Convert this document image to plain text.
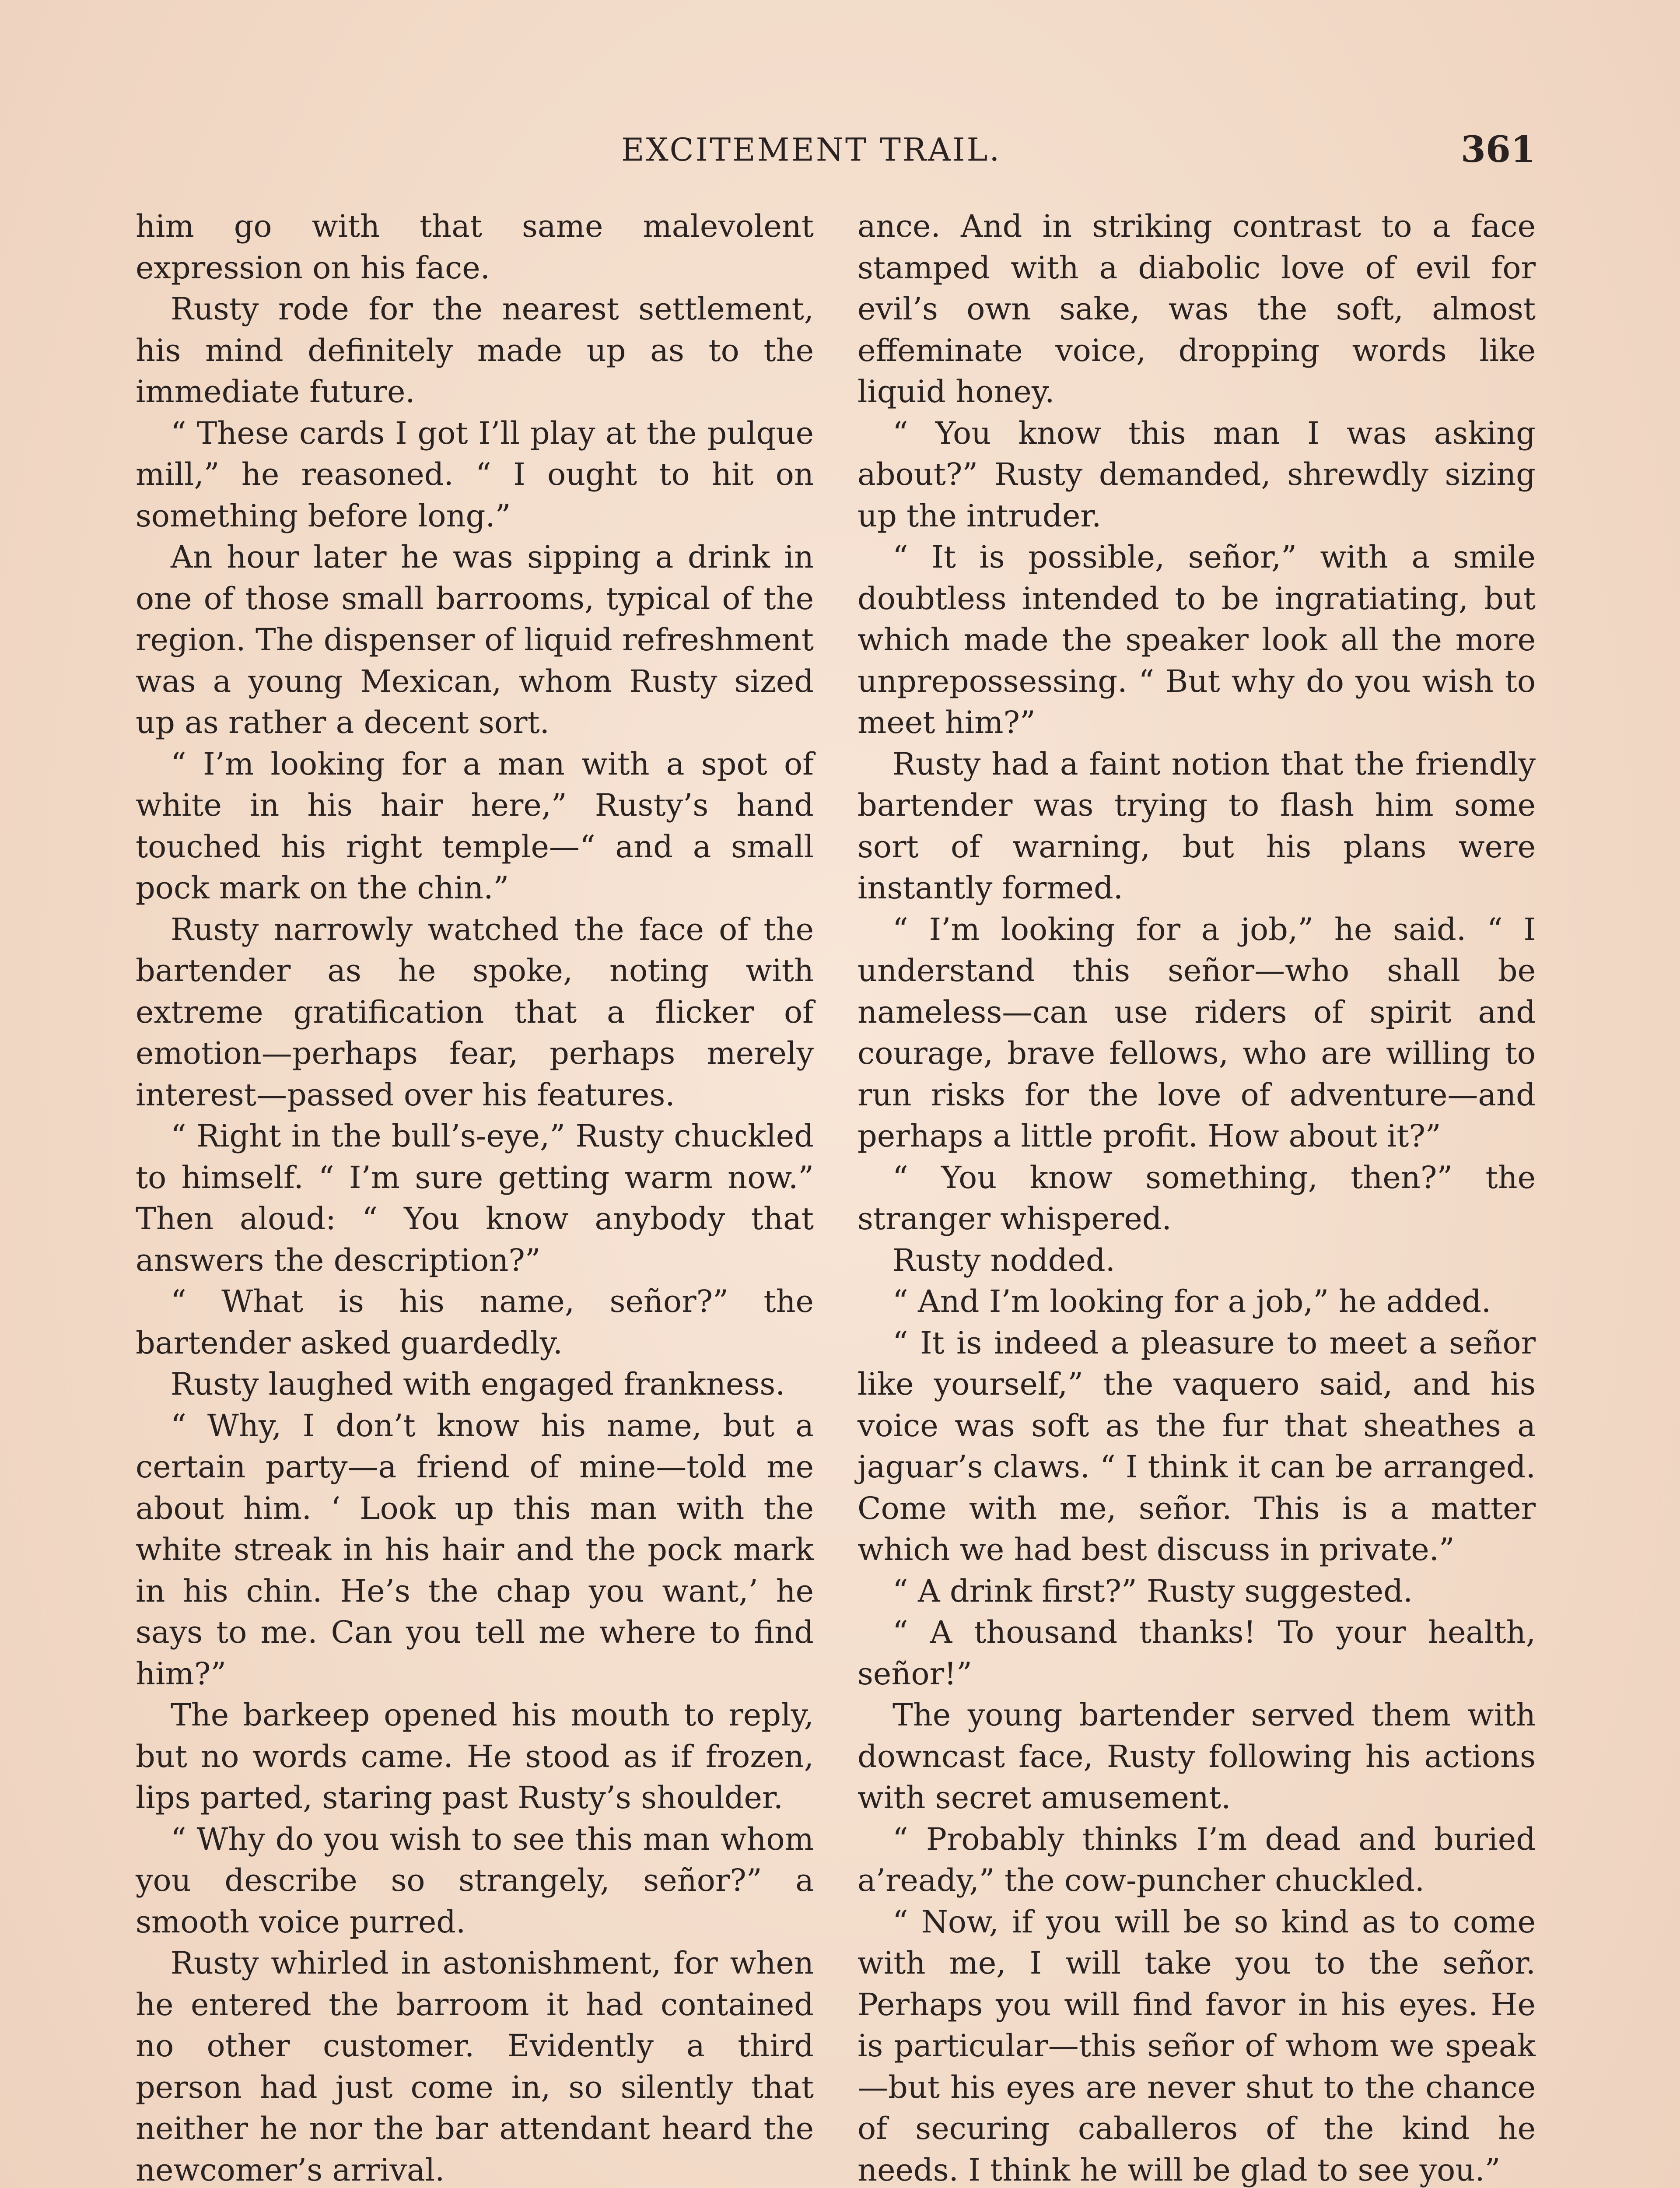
EXCITEMENT TRAIL.	361

him go with that same malevolent expression on his face.

Rusty rode for the nearest settlement, his mind definitely made up as to the immediate future.

“ These cards I got I’ll play at the pulque mill,” he reasoned. “ I ought to hit on something before long.”

An hour later he was sipping a drink in one of those small barrooms, typical of the region. The dispenser of liquid refreshment was a young Mexican, whom Rusty sized up as rather a decent sort.

“ I’m looking for a man with a spot of white in his hair here,” Rusty’s hand touched his right temple—“ and a small pock mark on the chin.”

Rusty narrowly watched the face of the bartender as he spoke, noting with extreme gratification that a flicker of emotion—perhaps fear, perhaps merely interest—passed over his features.

“ Right in the bull’s-eye,” Rusty chuckled to himself. “ I’m sure getting warm now.” Then aloud: “ You know anybody that answers the description?”

“ What is his name, señor?” the bartender asked guardedly.

Rusty laughed with engaged frankness.

“ Why, I don’t know his name, but a certain party—a friend of mine—told me about him. ‘ Look up this man with the white streak in his hair and the pock mark in his chin. He’s the chap you want,’ he says to me. Can you tell me where to find him?”

The barkeep opened his mouth to reply, but no words came. He stood as if frozen, lips parted, staring past Rusty’s shoulder.

“ Why do you wish to see this man whom you describe so strangely, señor?” a smooth voice purred.

Rusty whirled in astonishment, for when he entered the barroom it had contained no other customer. Evidently a third person had just come in, so silently that neither he nor the bar attendant heard the newcomer’s arrival.

ance. And in striking contrast to a face stamped with a diabolic love of evil for evil’s own sake, was the soft, almost effeminate voice, dropping words like liquid honey.

“ You know this man I was asking about?” Rusty demanded, shrewdly sizing up the intruder.

“ It is possible, señor,” with a smile doubtless intended to be ingratiating, but which made the speaker look all the more unprepossessing. “ But why do you wish to meet him?”

Rusty had a faint notion that the friendly bartender was trying to flash him some sort of warning, but his plans were instantly formed.

“ I’m looking for a job,” he said. “ I understand this señor—who shall be nameless—can use riders of spirit and courage, brave fellows, who are willing to run risks for the love of adventure—and perhaps a little profit. How about it?”

“ You know something, then?” the stranger whispered.

Rusty nodded.

“ And I’m looking for a job,” he added.

“ It is indeed a pleasure to meet a señor like yourself,” the vaquero said, and his voice was soft as the fur that sheathes a jaguar’s claws. “ I think it can be arranged. Come with me, señor. This is a matter which we had best discuss in private.”

“ A drink first?” Rusty suggested.

“ A thousand thanks! To your health, señor!”

The young bartender served them with downcast face, Rusty following his actions with secret amusement.

“ Probably thinks I’m dead and buried a’ready,” the cow-puncher chuckled.

“ Now, if you will be so kind as to come with me, I will take you to the señor. Perhaps you will find favor in his eyes. He is particular—this señor of whom we speak —but his eyes are never shut to the chance of securing caballeros of the kind he needs. I think he will be glad to see you.”
